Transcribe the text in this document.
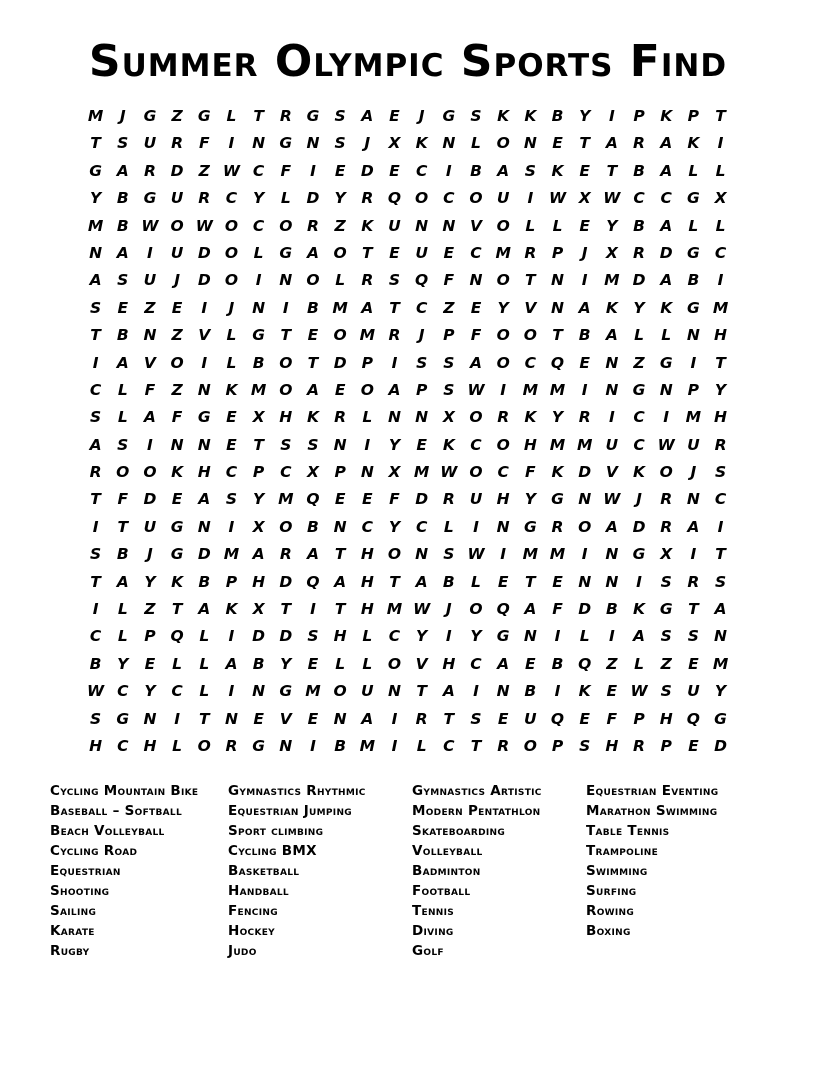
Summer Olympic Sports Find
M	J	G Z G	L	T	R G S	A	E	J	G S	K K B	Y	I	P K P	T
T	S U R	F	I	N G N S	J	X K N	L	O N E	T	A R A K	I
G A R D Z W C	F	I	E D E	C	I	B A	S	K	E	T	B A	L	L
Y	B G U R	C	Y	L	D Y	R Q O C O U	I	W X W C	C G X
M B W O W O C O R	Z	K U N N V O	L	L	E	Y	B A	L	L
N A	I	U D O	L	G A O T	E	U	E	C M R	P	J	X R D G C
A	S U	J	D O	I	N O	L	R	S Q F N O T N	I	M D A B	I
S	E	Z	E	I	J	N	I	B M A	T	C	Z	E	Y	V N A K	Y	K G M
T	B N Z	V	L	G	T	E O M R	J	P	F O O T	B A	L	L	N H
I	A V O	I	L	B O T D P	I	S	S	A O C Q E N Z G	I	T
C	L	F	Z N K M O A	E O A P	S W	I	M M	I	N G N P	Y
S	L	A	F	G	E	X H K R	L	N N X O R K	Y	R	I	C	I	M H
A	S	I	N N E	T	S	S N	I	Y	E	K C O H M M U C W U R
R O O K H C	P	C	X	P N X M W O C	F	K D V K O	J	S
T	F D E	A	S	Y M Q E	E	F D R U H Y G N W	J	R N C
I	T	U G N	I	X O B N C	Y	C	L	I	N G R O A D R A	I
S	B	J	G D M A R A	T H O N S W	I	M M	I	N G X	I	T
T	A	Y	K B	P H D Q A H T	A B	L	E	T	E N N	I	S	R	S
I	L	Z	T	A K X	T	I	T H M W	J	O Q A	F D B K G	T	A
C	L	P Q	L	I	D D S H	L	C	Y	I	Y G N	I	L	I	A	S	S N
B	Y	E	L	L	A B	Y	E	L	L	O V H C A	E	B Q Z	L	Z	E M
W C	Y	C	L	I	N G M O U N T	A	I	N B	I	K	E W S U Y
S G N	I	T N E	V	E N A	I	R	T	S	E	U Q E	F	P H Q G
H C H	L	O R G N	I	B M	I	L	C	T	R O P	S H R	P	E D
Cycling Mountain Bike
Baseball – Softball
Beach Volleyball
Cycling Road
Equestrian
Shooting
Sailing
Karate
Rugby
Gymnastics Rhythmic
Equestrian Jumping
Sport climbing
Cycling BMX
Basketball
Handball
Fencing
Hockey
Judo
Gymnastics Artistic
Modern Pentathlon
Skateboarding
Volleyball
Badminton
Football
Tennis
Diving
Golf
Equestrian Eventing
Marathon Swimming
Table Tennis
Trampoline
Swimming
Surfing
Rowing
Boxing
